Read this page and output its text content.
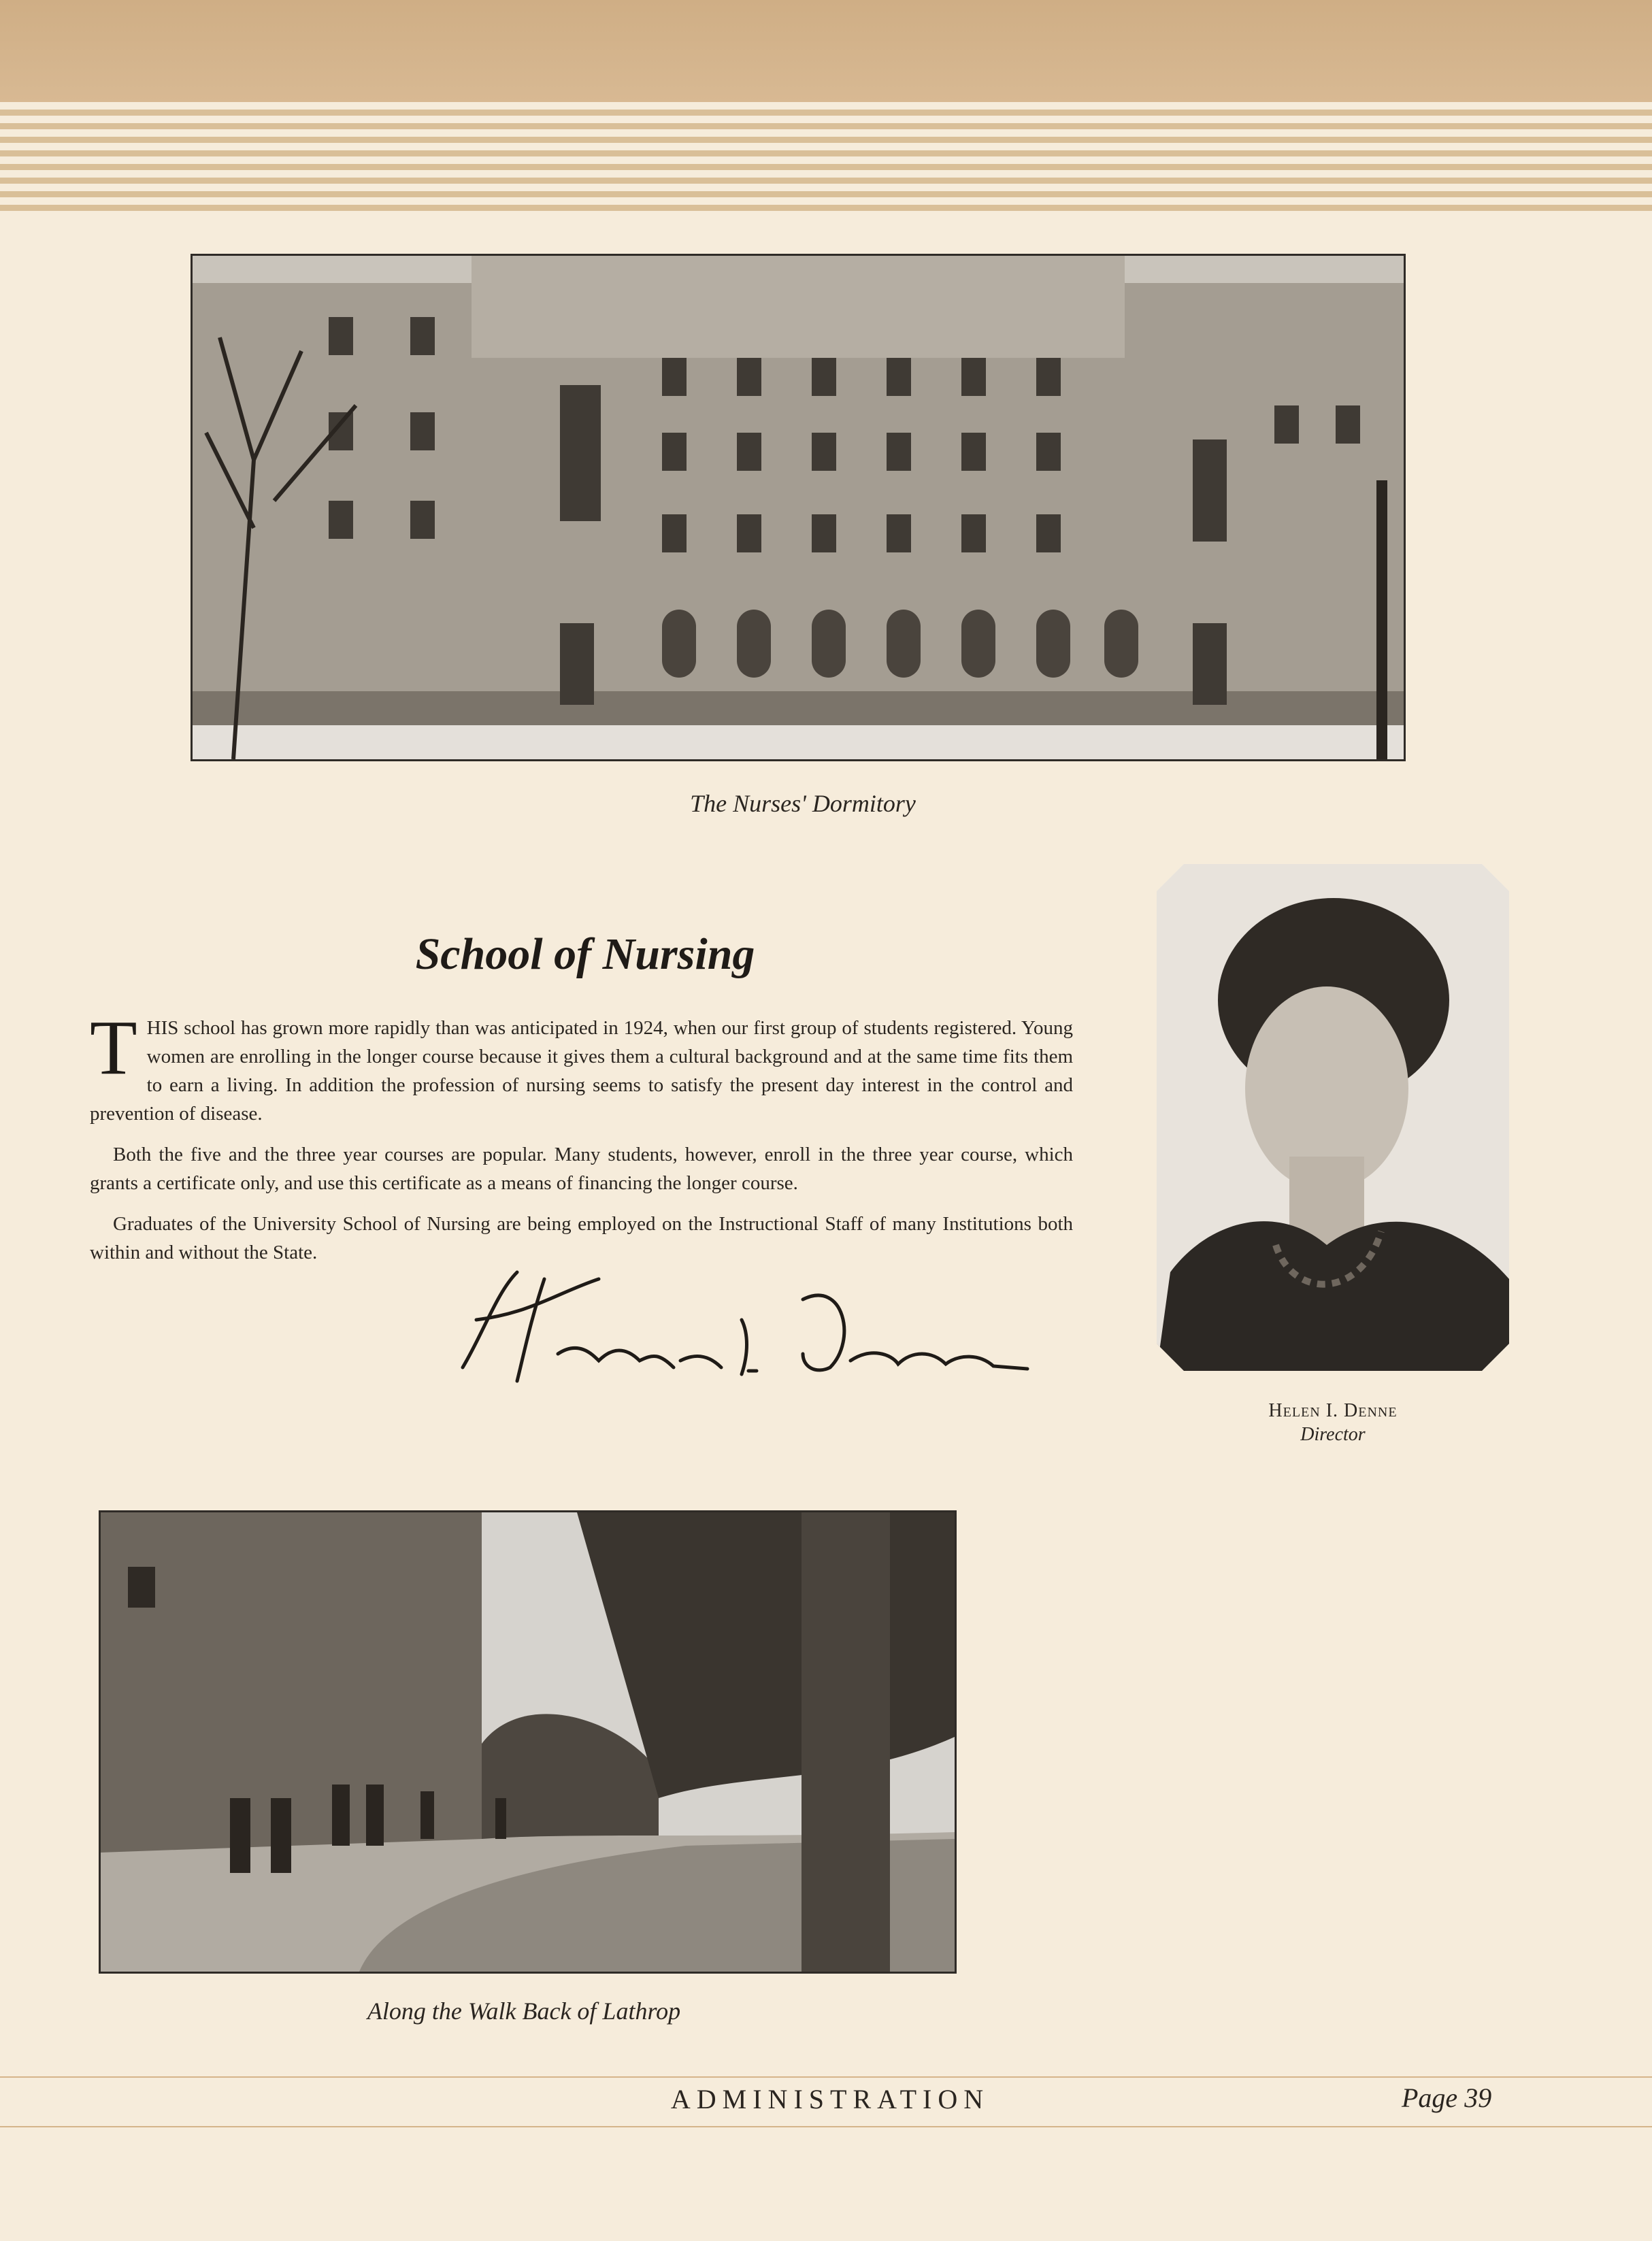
The Nurses' Dormitory

School of Nursing

THIS school has grown more rapidly than was anticipated in 1924, when our first group of students registered. Young women are enrolling in the longer course because it gives them a cultural background and at the same time fits them to earn a living. In addition the profession of nursing seems to satisfy the present day interest in the control and prevention of disease.

Both the five and the three year courses are popular. Many students, however, enroll in the three year course, which grants a certificate only, and use this certificate as a means of financing the longer course.

Graduates of the University School of Nursing are being employed on the Instructional Staff of many Institutions both within and without the State.

Helen I. Denne

Director

Along the Walk Back of Lathrop

ADMINISTRATION	Page 39
